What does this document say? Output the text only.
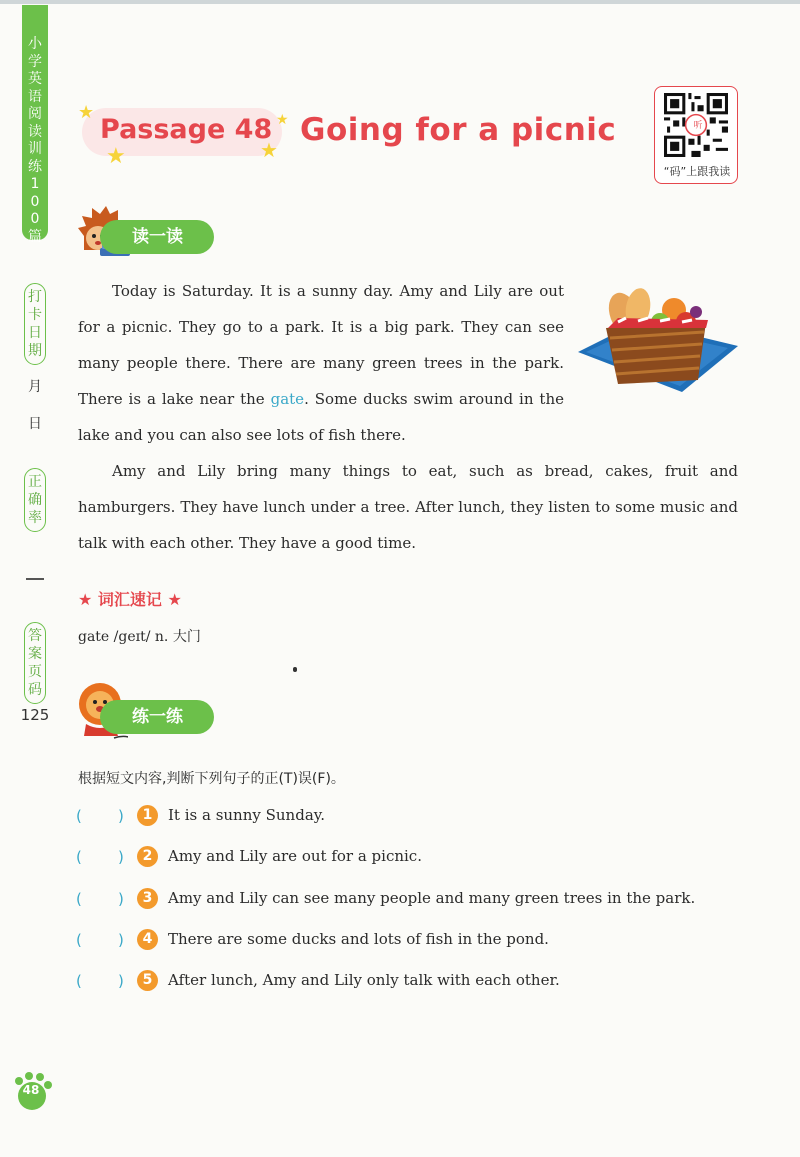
小
学
英
语
阅
读
训
练
1
0
0
篇
打
卡
日
期
月
日
正
确
率
答
案
页
码
125
★
★	★
★
Passage 48 Going for a picnic	听
“码”上跟我读
读一读
Today is Saturday. It is a sunny day. Amy and Lily are out for a picnic. They go to a park. It is a big park. They can see many people there. There are many green trees in the park. There is a lake near the gate. Some ducks swim around in the lake and you can also see lots of fish there.
Amy and Lily bring many things to eat, such as bread, cakes, fruit and hamburgers. They have lunch under a tree. After lunch, they listen to some music and talk with each other. They have a good time.
★ 词汇速记 ★
gate /geɪt/ n. 大门
练一练
根据短文内容,判断下列句子的正(T)误(F)。
( )	1	It is a sunny Sunday.
( )	2	Amy and Lily are out for a picnic.
( )	3	Amy and Lily can see many people and many green trees in the park.
( )	4	There are some ducks and lots of fish in the pond.
( )	5	After lunch, Amy and Lily only talk with each other.
48
